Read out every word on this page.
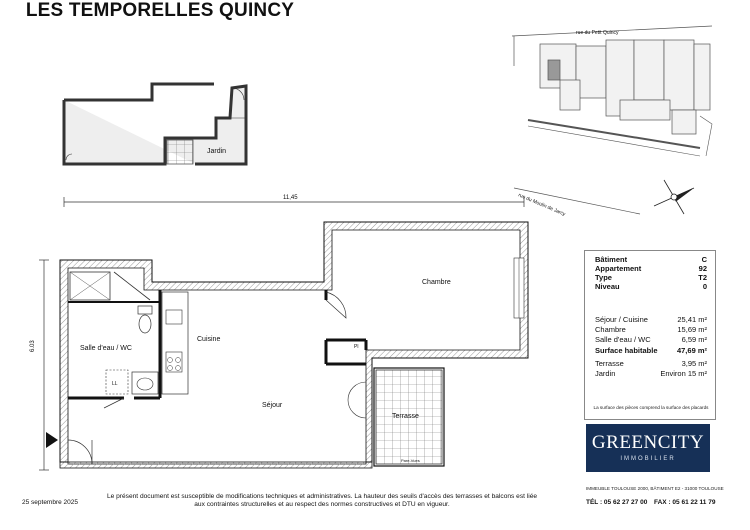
LES TEMPORELLES QUINCY
Jardin
11,45
6.03
rue du Petit Quincy
rue du Moulin de Jarcy
Chambre
Salle d'eau / WC
Cuisine
Séjour
Terrasse
Pl
LL
Pare-Vues
Bâtiment	C
Appartement	92
Type	T2
Niveau	0
Séjour / Cuisine	25,41 m²
Chambre	15,69 m²
Salle d'eau / WC	6,59 m²
Surface habitable	47,69 m²
Terrasse	3,95 m²
Jardin	Environ 15 m²
La surface des pièces comprend la surface des placards
GREENCITY
IMMOBILIER
IMMEUBLE TOULOUSE 2000, BÂTIMENT E2 - 31000 TOULOUSE
TÉL : 05 62 27 27 00 FAX : 05 61 22 11 79
25 septembre 2025
Le présent document est susceptible de modifications techniques et administratives. La hauteur des seuils d'accès des terrasses et balcons est liée aux contraintes structurelles et au respect des normes constructives et DTU en vigueur.
